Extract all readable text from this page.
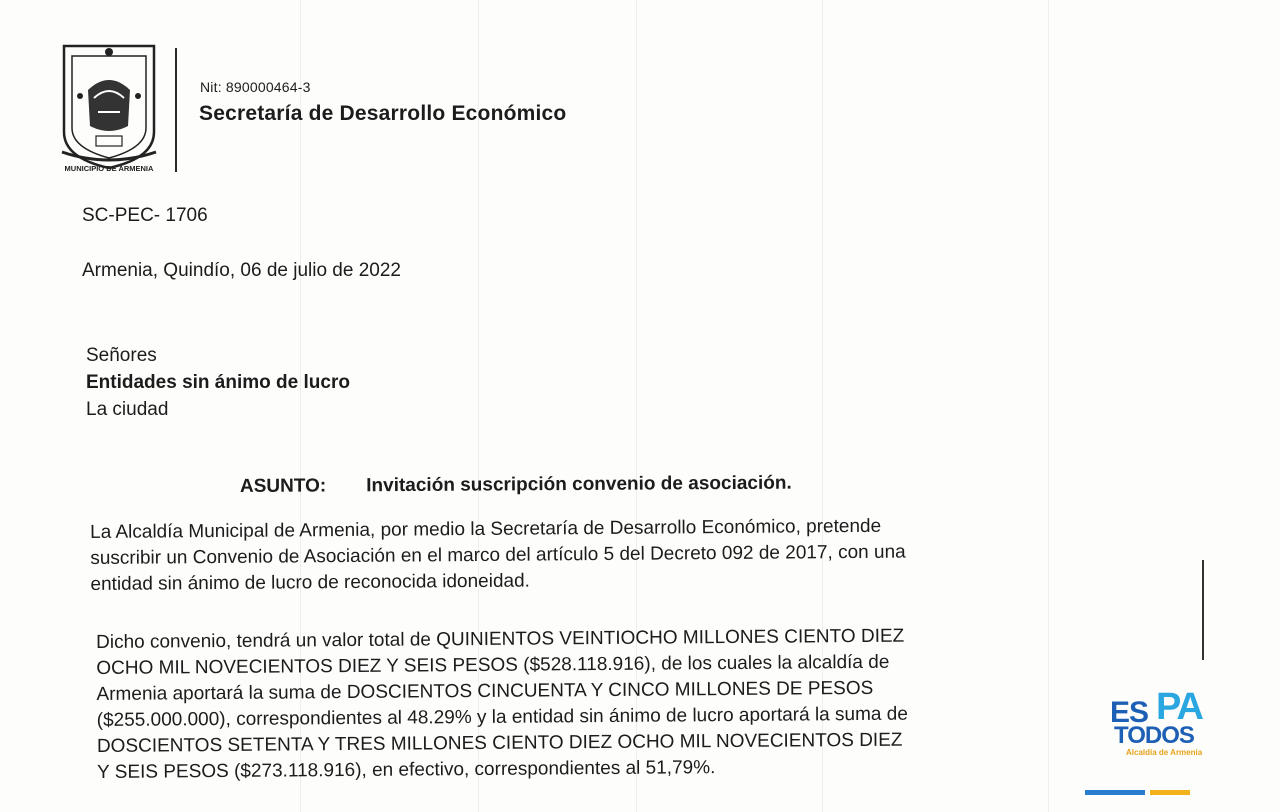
MUNICIPIO DE ARMENIA
Nit: 890000464-3
Secretaría de Desarrollo Económico
SC-PEC- 1706
Armenia, Quindío, 06 de julio de 2022
Señores
Entidades sin ánimo de lucro
La ciudad
ASUNTO: Invitación suscripción convenio de asociación.
La Alcaldía Municipal de Armenia, por medio la Secretaría de Desarrollo Económico, pretende
suscribir un Convenio de Asociación en el marco del artículo 5 del Decreto 092 de 2017, con una
entidad sin ánimo de lucro de reconocida idoneidad.
Dicho convenio, tendrá un valor total de QUINIENTOS VEINTIOCHO MILLONES CIENTO DIEZ
OCHO MIL NOVECIENTOS DIEZ Y SEIS PESOS ($528.118.916), de los cuales la alcaldía de
Armenia aportará la suma de DOSCIENTOS CINCUENTA Y CINCO MILLONES DE PESOS
($255.000.000), correspondientes al 48.29% y la entidad sin ánimo de lucro aportará la suma de
DOSCIENTOS SETENTA Y TRES MILLONES CIENTO DIEZ OCHO MIL NOVECIENTOS DIEZ
Y SEIS PESOS ($273.118.916), en efectivo, correspondientes al 51,79%.
ES PA
TODOS
Alcaldía de Armenia
